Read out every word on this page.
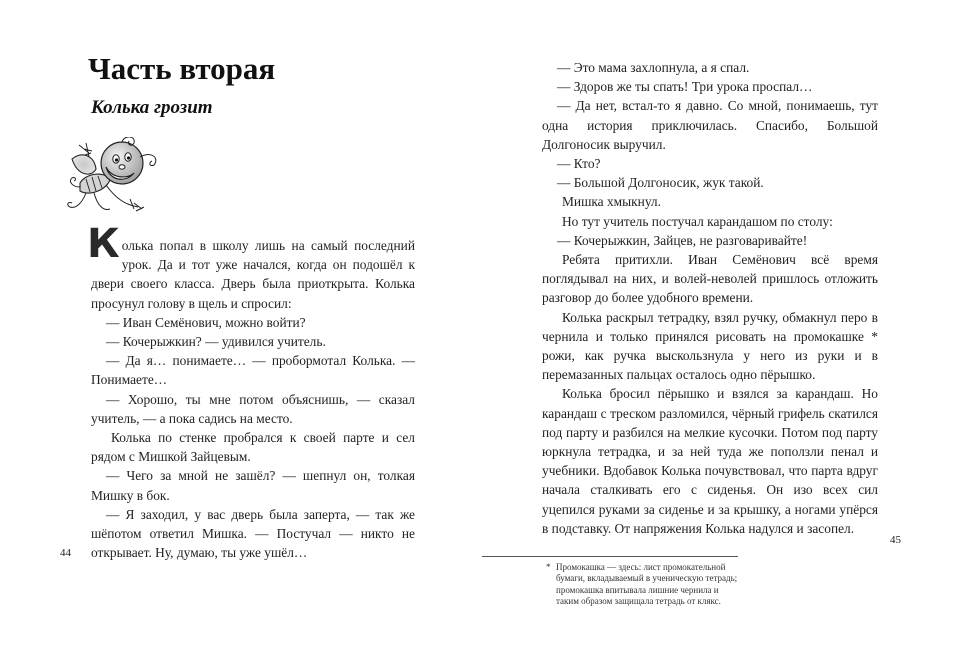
Часть вторая
Колька грозит

Колька попал в школу лишь на самый последний урок. Да и тот уже начался, когда он подошёл к двери своего класса. Дверь была приоткрыта. Колька просунул голову в щель и спросил:

— Иван Семёнович, можно войти?

— Кочерыжкин? — удивился учитель.

— Да я… понимаете… — пробормотал Колька. — Понимаете…

— Хорошо, ты мне потом объяснишь, — сказал учитель, — а пока садись на место.

Колька по стенке пробрался к своей парте и сел рядом с Мишкой Зайцевым.

— Чего за мной не зашёл? — шепнул он, толкая Мишку в бок.

— Я заходил, у вас дверь была заперта, — так же шёпотом ответил Мишка. — Постучал — никто не открывает. Ну, думаю, ты уже ушёл…

44

— Это мама захлопнула, а я спал.

— Здоров же ты спать! Три урока проспал…

— Да нет, встал-то я давно. Со мной, понимаешь, тут одна история приключилась. Спасибо, Большой Долгоносик выручил.

— Кто?

— Большой Долгоносик, жук такой.

Мишка хмыкнул.

Но тут учитель постучал карандашом по столу:

— Кочерыжкин, Зайцев, не разговаривайте!

Ребята притихли. Иван Семёнович всё время поглядывал на них, и волей-неволей пришлось отложить разговор до более удобного времени.

Колька раскрыл тетрадку, взял ручку, обмакнул перо в чернила и только принялся рисовать на промокашке * рожи, как ручка выскользнула у него из руки и в перемазанных пальцах осталось одно пёрышко.

Колька бросил пёрышко и взялся за карандаш. Но карандаш с треском разломился, чёрный грифель скатился под парту и разбился на мелкие кусочки. Потом под парту юркнула тетрадка, и за ней туда же поползли пенал и учебники. Вдобавок Колька почувствовал, что парта вдруг начала сталкивать его с сиденья. Он изо всех сил уцепился руками за сиденье и за крышку, а ногами упёрся в подставку. От напряжения Колька надулся и засопел.

45
* Промокашка — здесь: лист промокательной бумаги, вкладываемый в ученическую тетрадь; промокашка впитывала лишние чернила и таким образом защищала тетрадь от клякс.
